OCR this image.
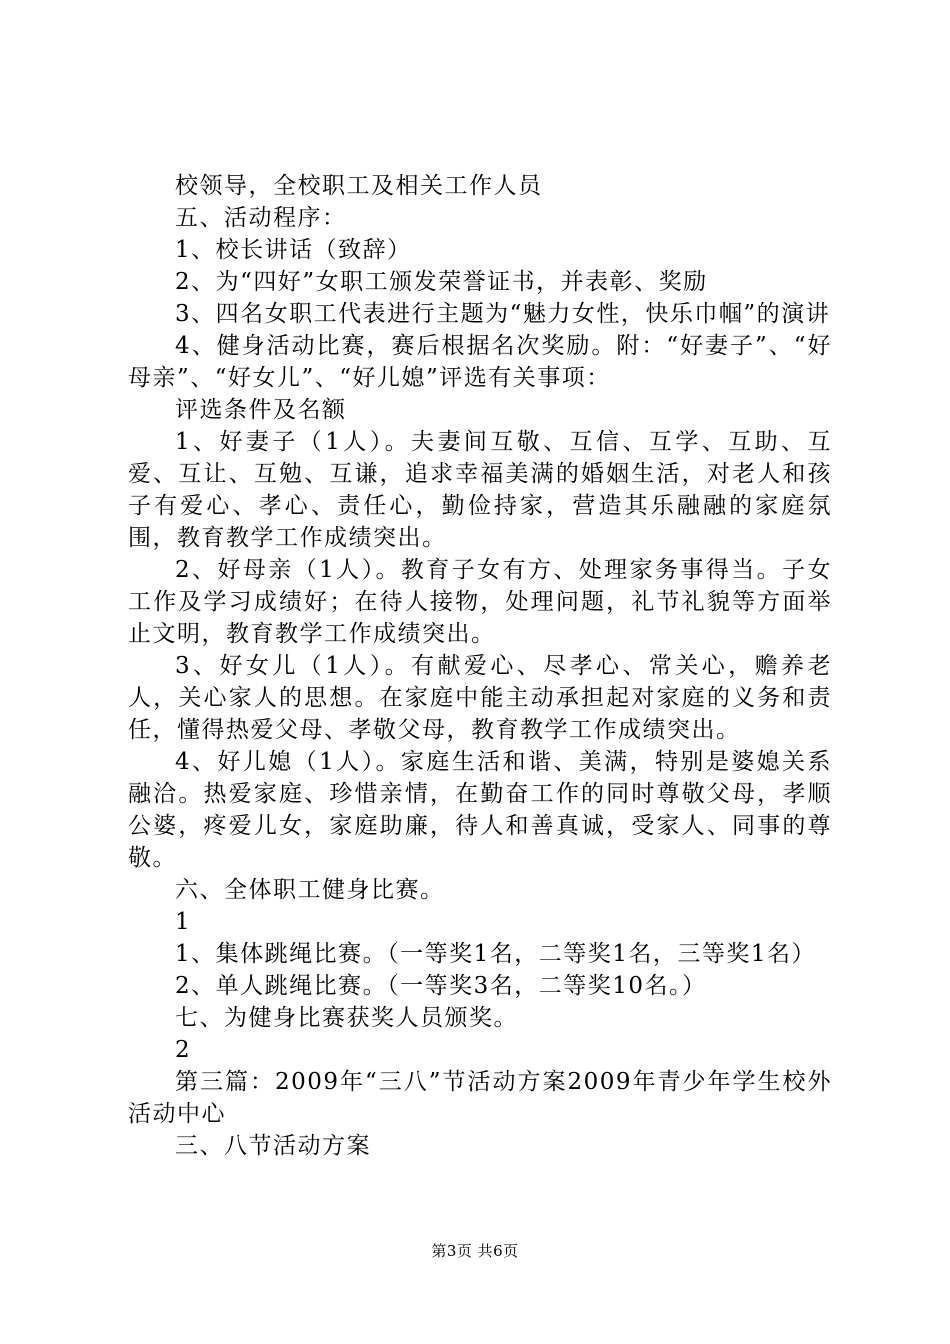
校领导，全校职工及相关工作人员

五、活动程序：

1、校长讲话（致辞）

2、为“四好”女职工颁发荣誉证书，并表彰、奖励

3、四名女职工代表进行主题为“魅力女性，快乐巾帼”的演讲

4、健身活动比赛，赛后根据名次奖励。附：“好妻子”、“好母亲”、“好女儿”、“好儿媳”评选有关事项：

评选条件及名额

1、好妻子（1人）。夫妻间互敬、互信、互学、互助、互爱、互让、互勉、互谦，追求幸福美满的婚姻生活，对老人和孩子有爱心、孝心、责任心，勤俭持家，营造其乐融融的家庭氛围，教育教学工作成绩突出。

2、好母亲（1人）。教育子女有方、处理家务事得当。子女工作及学习成绩好；在待人接物，处理问题，礼节礼貌等方面举止文明，教育教学工作成绩突出。

3、好女儿（1人）。有献爱心、尽孝心、常关心，赡养老人，关心家人的思想。在家庭中能主动承担起对家庭的义务和责任，懂得热爱父母、孝敬父母，教育教学工作成绩突出。

4、好儿媳（1人）。家庭生活和谐、美满，特别是婆媳关系融洽。热爱家庭、珍惜亲情，在勤奋工作的同时尊敬父母，孝顺公婆，疼爱儿女，家庭助廉，待人和善真诚，受家人、同事的尊敬。

六、全体职工健身比赛。

1

1、集体跳绳比赛。（一等奖1名，二等奖1名，三等奖1名）

2、单人跳绳比赛。（一等奖3名，二等奖10名。）

七、为健身比赛获奖人员颁奖。

2

第三篇：2009年“三八”节活动方案2009年青少年学生校外活动中心

三、八节活动方案

第3页 共6页
